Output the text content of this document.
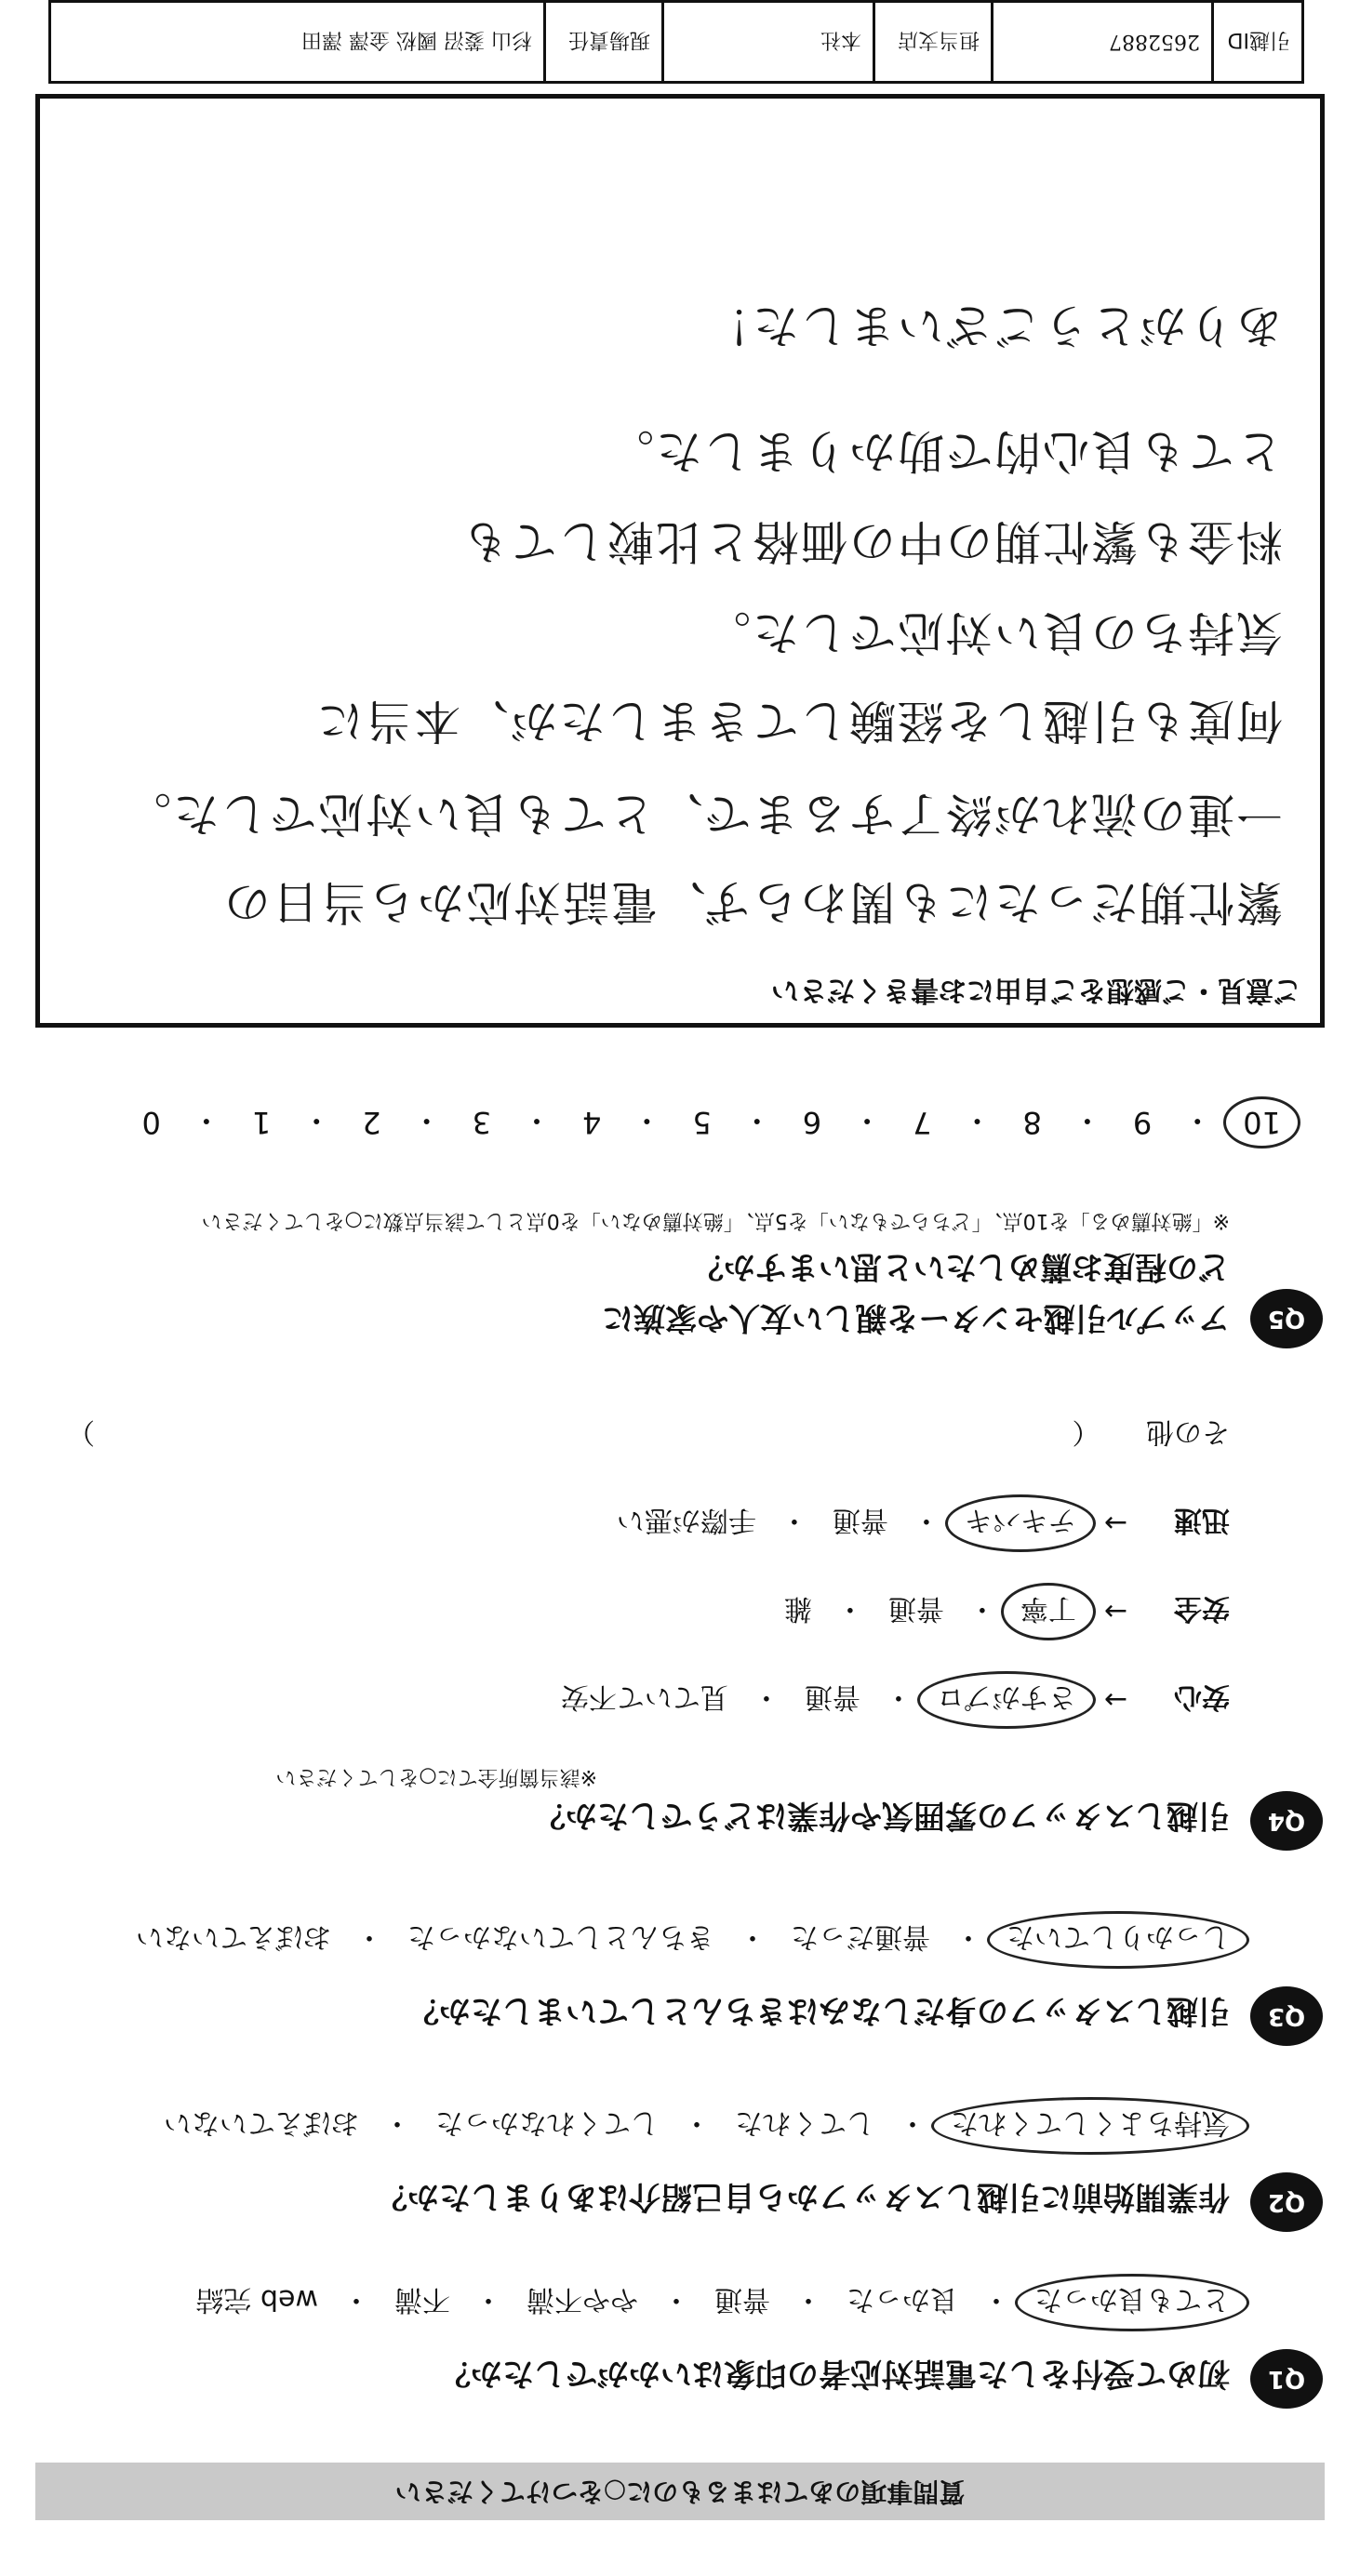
質問事項のあてはまるものに○をつけてください
Q1
初めて受付をした電話対応者の印象はいかがでしたか？
とても良かった
・
良かった
・
普通
・
やや不満
・
不満
・
web 完結
Q2
作業開始前に引越しスタッフから自己紹介はありましたか？
気持ちよくしてくれた
・
してくれた
・
してくれなかった
・
おぼえていない
Q3
引越しスタッフの身だしなみはきちんとしていましたか？
しっかりしていた
・
普通だった
・
きちんとしていなかった
・
おぼえていない
Q4
引越しスタッフの雰囲気や作業はどうでしたか？
※該当箇所全てに○をしてください
安心
→
さすがプロ
・
普通
・
見ていて不安
安全
→
丁寧
・
普通
・
雑
迅速
→
テキパキ
・
普通
・
手際が悪い
その他 （
）
Q5
アップル引越センターを親しい友人や家族に
どの程度お薦めしたいと思いますか？
※「絶対薦める」を10点、「どちらでもない」を5点、「絶対薦めない」を0点として該当点数に○をしてください
10
・
9
・
8
・
7
・
6
・
5
・
4
・
3
・
2
・
1
・
0
ご意見・ご感想をご自由にお書きください
繁忙期だったにも関わらず、電話対応から当日の
一連の流れが終了するまで、とても良い対応でした。
何度も引越しを経験してきましたが、本当に
気持ちの良い対応でした。
料金も繁忙期の中の価格と比較しても
とても良心的で助かりました。
ありがとうございました！
引越ID	2652887	担当支店	本社	現場責任	杉山 菱沼 國松 金澤 澤田
